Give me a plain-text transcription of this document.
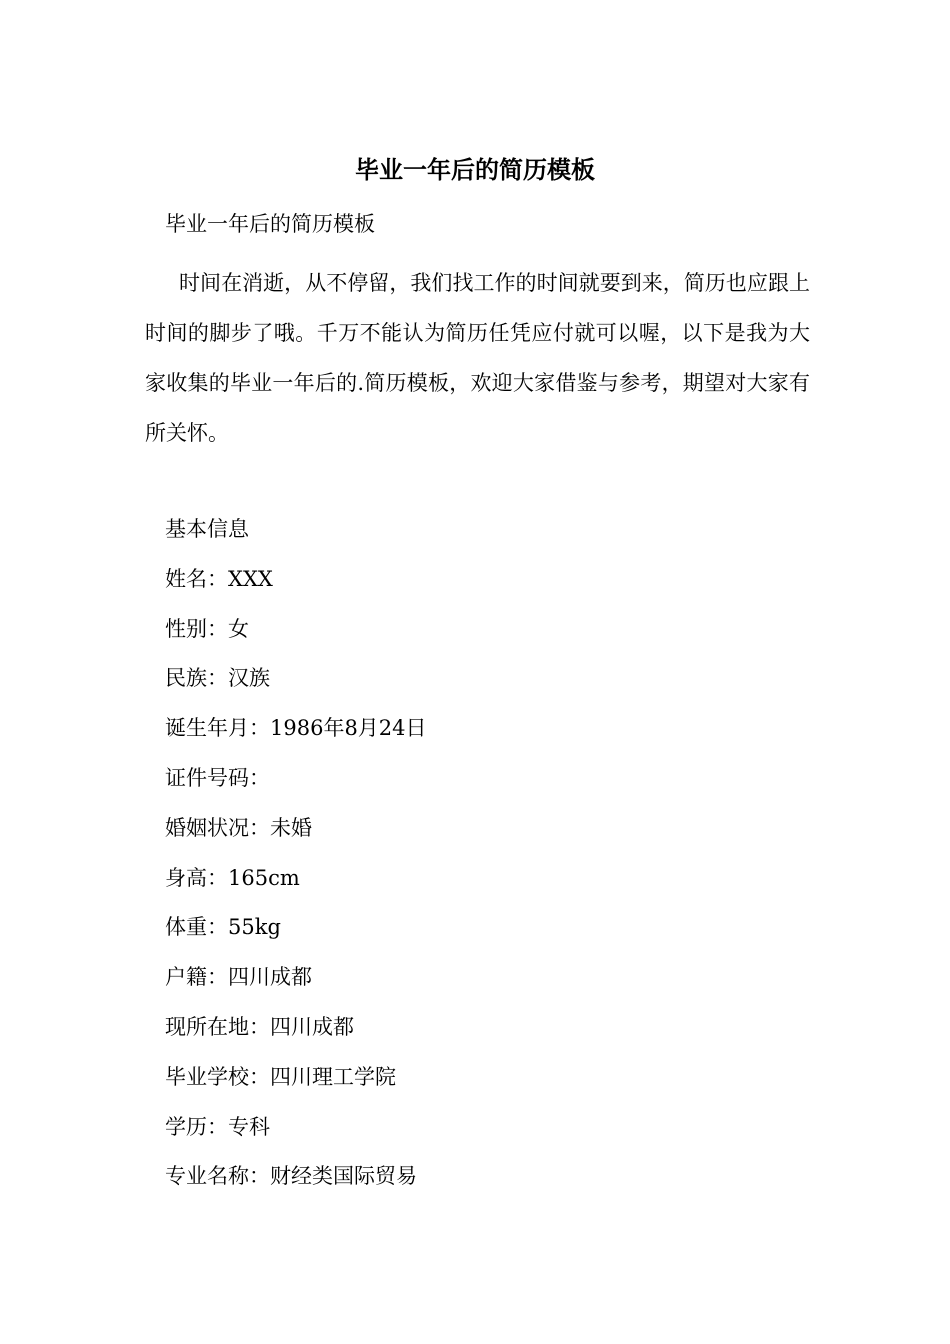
毕业一年后的简历模板
毕业一年后的简历模板

时间在消逝，从不停留，我们找工作的时间就要到来，简历也应跟上时间的脚步了哦。千万不能认为简历任凭应付就可以喔，以下是我为大家收集的毕业一年后的.简历模板，欢迎大家借鉴与参考，期望对大家有所关怀。

基本信息
姓名：XXX
性别：女
民族：汉族
诞生年月：1986年8月24日
证件号码：
婚姻状况：未婚
身高：165cm
体重：55kg
户籍：四川成都
现所在地：四川成都
毕业学校：四川理工学院
学历：专科
专业名称：财经类国际贸易
